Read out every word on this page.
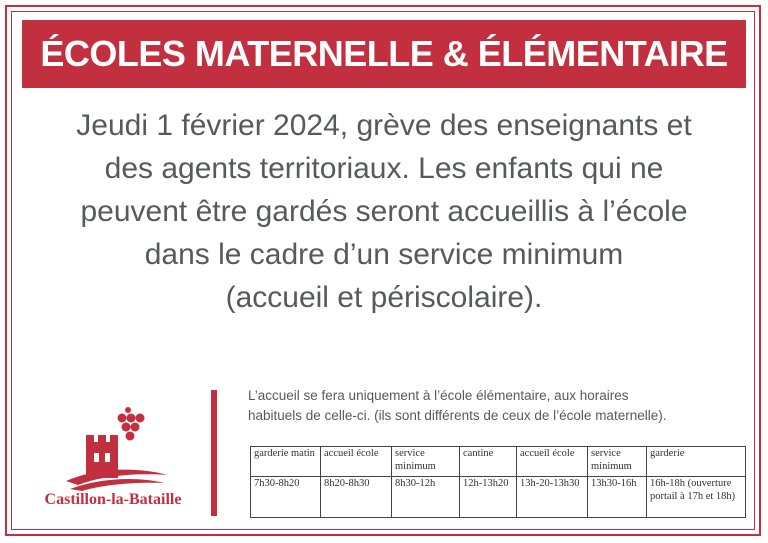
ÉCOLES MATERNELLE & ÉLÉMENTAIRE
Jeudi 1 février 2024, grève des enseignants et
des agents territoriaux. Les enfants qui ne
peuvent être gardés seront accueillis à l’école
dans le cadre d’un service minimum
(accueil et périscolaire).
Castillon-la-Bataille
L’accueil se fera uniquement à l’école élémentaire, aux horaires
habituels de celle-ci. (ils sont différents de ceux de l’école maternelle).
garderie matin	accueil école	service minimum	cantine	accueil école	service minimum	garderie
7h30-8h20	8h20-8h30	8h30-12h	12h-13h20	13h-20-13h30	13h30-16h	16h-18h (ouverture portail à 17h et 18h)
